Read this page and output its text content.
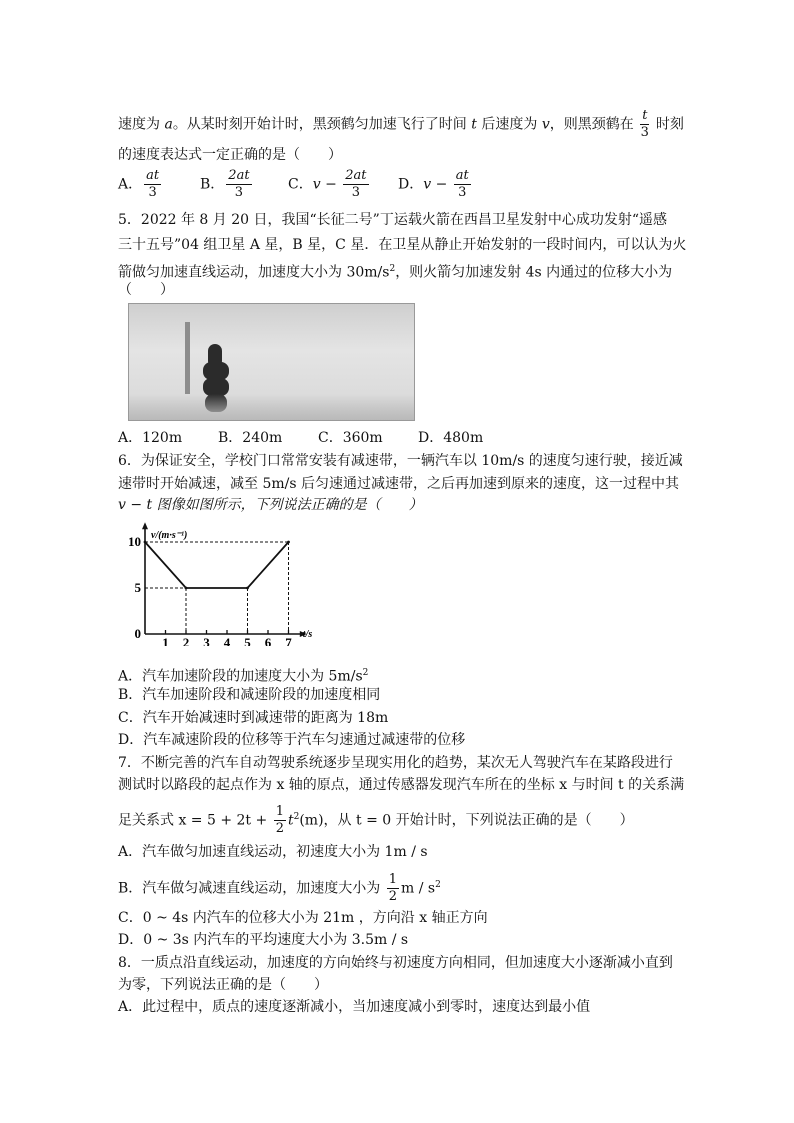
速度为 a。从某时刻开始计时，黑颈鹤匀加速飞行了时间 t 后速度为 v，则黑颈鹤在 $\frac{t}{3}$ 时刻
的速度表达式一定正确的是（　　）
A． $\frac{at}{3}$	B． $\frac{2at}{3}$	C．$v - \frac{2at}{3}$ D．$v - \frac{at}{3}$
5．2022 年 8 月 20 日，我国“长征二号”丁运载火箭在西昌卫星发射中心成功发射“遥感
三十五号”04 组卫星 A 星，B 星，C 星．在卫星从静止开始发射的一段时间内，可以认为火
箭做匀加速直线运动，加速度大小为 $30m/s^2$，则火箭匀加速发射 4s 内通过的位移大小为
（　　）
A．120m	B．240m	C．360m	D．480m
6．为保证安全，学校门口常常安装有减速带，一辆汽车以 10m/s 的速度匀速行驶，接近减
速带时开始减速，减至 5m/s 后匀速通过减速带，之后再加速到原来的速度，这一过程中其
v − t 图像如图所示，下列说法正确的是（　　）
1 2 3 4 5 6 7
5
10
0
v/(m·s⁻¹)
t/s
A．汽车加速阶段的加速度大小为 $5m/s^2$
B．汽车加速阶段和减速阶段的加速度相同
C．汽车开始减速时到减速带的距离为 18m
D．汽车减速阶段的位移等于汽车匀速通过减速带的位移
7．不断完善的汽车自动驾驶系统逐步呈现实用化的趋势，某次无人驾驶汽车在某路段进行
测试时以路段的起点作为 x 轴的原点，通过传感器发现汽车所在的坐标 x 与时间 t 的关系满
足关系式 $x = 5 + 2t + \frac{1}{2} t^2(m)$，从 t = 0 开始计时，下列说法正确的是（　　）
A．汽车做匀加速直线运动，初速度大小为 1m / s
B．汽车做匀减速直线运动，加速度大小为 $\frac{1}{2}$ m / $s^2$
C．0 ~ 4s 内汽车的位移大小为 21m ，方向沿 x 轴正方向
D．0 ~ 3s 内汽车的平均速度大小为 3.5m / s
8．一质点沿直线运动，加速度的方向始终与初速度方向相同，但加速度大小逐渐减小直到
为零，下列说法正确的是（　　）
A．此过程中，质点的速度逐渐减小，当加速度减小到零时，速度达到最小值
